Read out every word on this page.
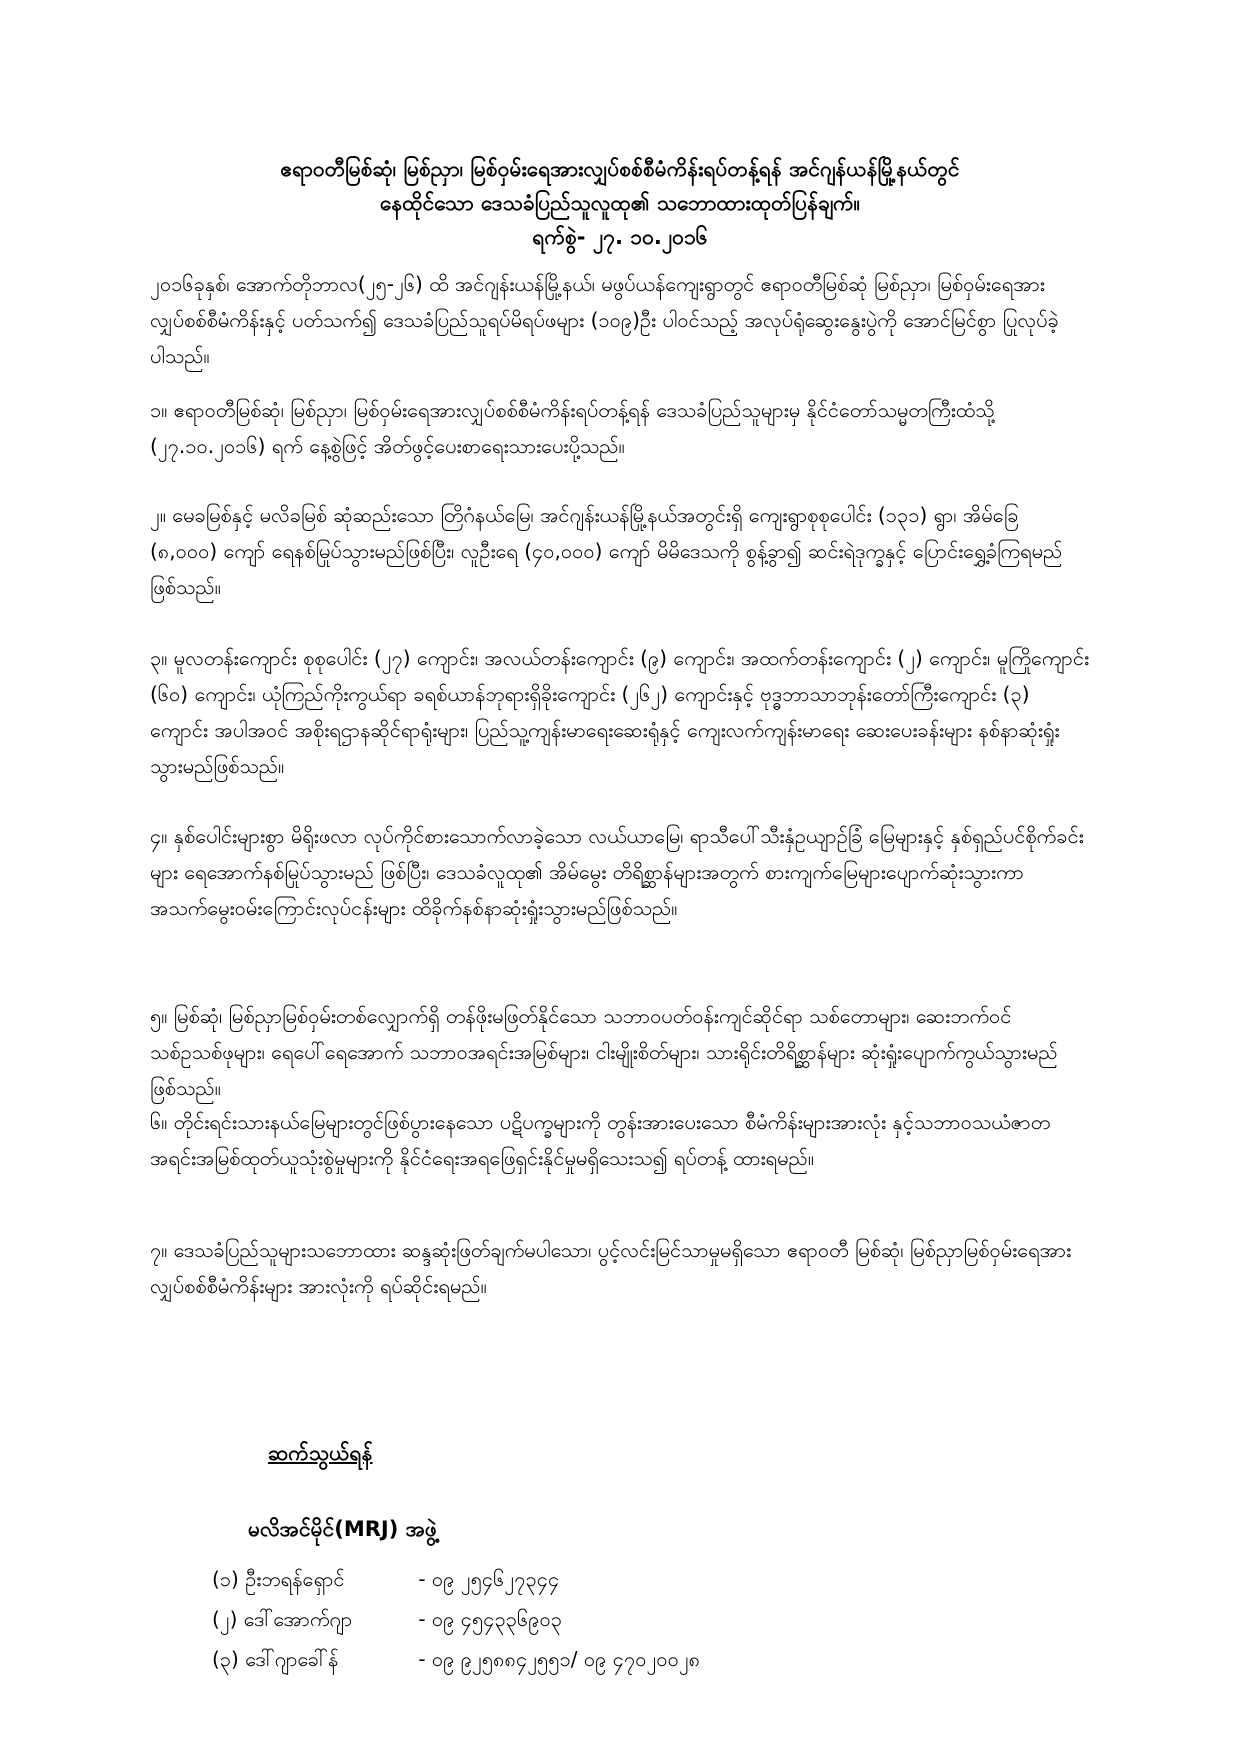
ဧရာဝတီမြစ်ဆုံ၊ မြစ်ညှာ၊ မြစ်ဝှမ်းရေအားလျှပ်စစ်စီမံကိန်းရပ်တန့်ရန် အင်ဂျန်ယန်မြို့နယ်တွင်
နေထိုင်သော ဒေသခံပြည်သူလူထု၏ သဘောထားထုတ်ပြန်ချက်။
ရက်စွဲ- ၂၇. ၁၀.၂၀၁၆
၂၀၁၆ခုနှစ်၊ အောက်တိုဘာလ(၂၅-၂၆) ထိ အင်ဂျန်းယန်မြို့နယ်၊ မဖွပ်ယန်ကျေးရွာတွင် ဧရာဝတီမြစ်ဆုံ မြစ်ညှာ၊ မြစ်ဝှမ်းရေအားလျှပ်စစ်စီမံကိန်းနှင့် ပတ်သက်၍ ဒေသခံပြည်သူရပ်မိရပ်ဖများ (၁၀၉)ဦး ပါဝင်သည့် အလုပ်ရုံဆွေးနွေးပွဲကို အောင်မြင်စွာ ပြုလုပ်ခဲ့ပါသည်။
၁။ ဧရာဝတီမြစ်ဆုံ၊ မြစ်ညှာ၊ မြစ်ဝှမ်းရေအားလျှပ်စစ်စီမံကိန်းရပ်တန့်ရန် ဒေသခံပြည်သူများမှ နိုင်ငံတော်သမ္မတကြီးထံသို့ (၂၇.၁၀.၂၀၁၆) ရက် နေ့စွဲဖြင့် အိတ်ဖွင့်ပေးစာရေးသားပေးပို့သည်။
၂။ မေခမြစ်နှင့် မလိခမြစ် ဆုံဆည်းသော တြိဂံနယ်မြေ၊ အင်ဂျန်းယန်မြို့နယ်အတွင်းရှိ ကျေးရွာစုစုပေါင်း (၁၃၁) ရွာ၊ အိမ်ခြေ (၈,၀၀၀) ကျော် ရေနစ်မြုပ်သွားမည်ဖြစ်ပြီး၊ လူဦးရေ (၄၀,၀၀၀) ကျော် မိမိဒေသကို စွန့်ခွာ၍ ဆင်းရဲဒုက္ခနှင့် ပြောင်းရွှေ့ခံကြရမည်ဖြစ်သည်။
၃။ မူလတန်းကျောင်း စုစုပေါင်း (၂၇) ကျောင်း၊ အလယ်တန်းကျောင်း (၉) ကျောင်း၊ အထက်တန်းကျောင်း (၂) ကျောင်း၊ မူကြိုကျောင်း (၆၀) ကျောင်း၊ ယုံကြည်ကိုးကွယ်ရာ ခရစ်ယာန်ဘုရားရှိခိုးကျောင်း (၂၆၂) ကျောင်းနှင့် ဗုဒ္ဓဘာသာဘုန်းတော်ကြီးကျောင်း (၃) ကျောင်း အပါအဝင် အစိုးရဌာနဆိုင်ရာရုံးများ၊ ပြည်သူ့ကျန်းမာရေးဆေးရုံနှင့် ကျေးလက်ကျန်းမာရေး ဆေးပေးခန်းများ နစ်နာဆုံးရှုံးသွားမည်ဖြစ်သည်။
၄။ နှစ်ပေါင်းများစွာ မိရိုးဖလာ လုပ်ကိုင်စားသောက်လာခဲ့သော လယ်ယာမြေ၊ ရာသီပေါ်သီးနှံဥယျာဉ်ခြံ မြေများနှင့် နှစ်ရှည်ပင်စိုက်ခင်းများ ရေအောက်နစ်မြုပ်သွားမည် ဖြစ်ပြီး၊ ဒေသခံလူထု၏ အိမ်မွေး တိရိစ္ဆာန်များအတွက် စားကျက်မြေများပျောက်ဆုံးသွားကာ အသက်မွေးဝမ်းကြောင်းလုပ်ငန်းများ ထိခိုက်နစ်နာဆုံးရှုံးသွားမည်ဖြစ်သည်။
၅။ မြစ်ဆုံ၊ မြစ်ညှာမြစ်ဝှမ်းတစ်လျှောက်ရှိ တန်ဖိုးမဖြတ်နိုင်သော သဘာဝပတ်ဝန်းကျင်ဆိုင်ရာ သစ်တောများ၊ ဆေးဘက်ဝင်သစ်ဥသစ်ဖုများ၊ ရေပေါ်ရေအောက် သဘာဝအရင်းအမြစ်များ၊ ငါးမျိုးစိတ်များ၊ သားရိုင်းတိရိစ္ဆာန်များ ဆုံးရှုံးပျောက်ကွယ်သွားမည်ဖြစ်သည်။
၆။ တိုင်းရင်းသားနယ်မြေများတွင်ဖြစ်ပွားနေသော ပဋိပက္ခများကို တွန်းအားပေးသော စီမံကိန်းများအားလုံး နှင့်သဘာဝသယံဇာတအရင်းအမြစ်ထုတ်ယူသုံးစွဲမှုများကို နိုင်ငံရေးအရဖြေရှင်းနိုင်မှုမရှိသေးသ၍ ရပ်တန့် ထားရမည်။
၇။ ဒေသခံပြည်သူများသဘောထား ဆန္ဒဆုံးဖြတ်ချက်မပါသော၊ ပွင့်လင်းမြင်သာမှုမရှိသော ဧရာဝတီ မြစ်ဆုံ၊ မြစ်ညှာမြစ်ဝှမ်းရေအားလျှပ်စစ်စီမံကိန်းများ အားလုံးကို ရပ်ဆိုင်းရမည်။
ဆက်သွယ်ရန်
မလိအင်မိုင်(MRJ) အဖွဲ့
(၁) ဦးဘရန်ရှောင်	- ၀၉ ၂၅၄၆၂၇၃၄၄
(၂) ဒေါ်အောက်ဂျာ	- ၀၉ ၄၅၄၃၃၆၉၀၃
(၃) ဒေါ်ဂျာခေါ်န်	- ၀၉ ၉၂၅၈၈၄၂၅၅၁/ ၀၉ ၄၇၀၂၀၀၂၈
